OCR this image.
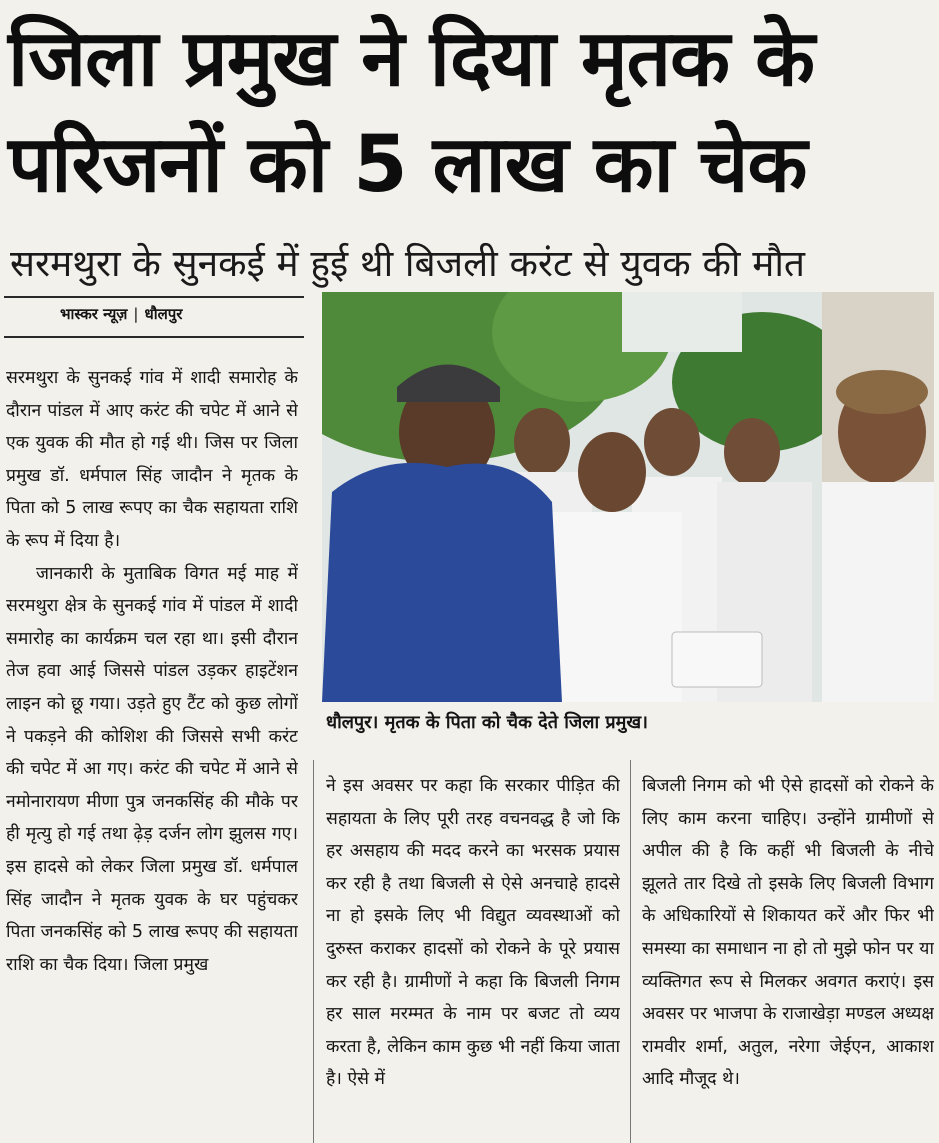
जिला प्रमुख ने दिया मृतक के परिजनों को 5 लाख का चेक
सरमथुरा के सुनकई में हुई थी बिजली करंट से युवक की मौत
भास्कर न्यूज़ | धौलपुर
धौलपुर। मृतक के पिता को चैक देते जिला प्रमुख।

सरमथुरा के सुनकई गांव में शादी समारोह के दौरान पांडल में आए करंट की चपेट में आने से एक युवक की मौत हो गई थी। जिस पर जिला प्रमुख डॉ. धर्मपाल सिंह जादौन ने मृतक के पिता को 5 लाख रूपए का चैक सहायता राशि के रूप में दिया है।

जानकारी के मुताबिक विगत मई माह में सरमथुरा क्षेत्र के सुनकई गांव में पांडल में शादी समारोह का कार्यक्रम चल रहा था। इसी दौरान तेज हवा आई जिससे पांडल उड़कर हाइटेंशन लाइन को छू गया। उड़ते हुए टैंट को कुछ लोगों ने पकड़ने की कोशिश की जिससे सभी करंट की चपेट में आ गए। करंट की चपेट में आने से नमोनारायण मीणा पुत्र जनकसिंह की मौके पर ही मृत्यु हो गई तथा ढ़ेड़ दर्जन लोग झुलस गए। इस हादसे को लेकर जिला प्रमुख डॉ. धर्मपाल सिंह जादौन ने मृतक युवक के घर पहुंचकर पिता जनकसिंह को 5 लाख रूपए की सहायता राशि का चैक दिया। जिला प्रमुख

ने इस अवसर पर कहा कि सरकार पीड़ित की सहायता के लिए पूरी तरह वचनवद्ध है जो कि हर असहाय की मदद करने का भरसक प्रयास कर रही है तथा बिजली से ऐसे अनचाहे हादसे ना हो इसके लिए भी विद्युत व्यवस्थाओं को दुरुस्त कराकर हादसों को रोकने के पूरे प्रयास कर रही है। ग्रामीणों ने कहा कि बिजली निगम हर साल मरम्मत के नाम पर बजट तो व्यय करता है, लेकिन काम कुछ भी नहीं किया जाता है। ऐसे में

बिजली निगम को भी ऐसे हादसों को रोकने के लिए काम करना चाहिए। उन्होंने ग्रामीणों से अपील की है कि कहीं भी बिजली के नीचे झूलते तार दिखे तो इसके लिए बिजली विभाग के अधिकारियों से शिकायत करें और फिर भी समस्या का समाधान ना हो तो मुझे फोन पर या व्यक्तिगत रूप से मिलकर अवगत कराएं। इस अवसर पर भाजपा के राजाखेड़ा मण्डल अध्यक्ष रामवीर शर्मा, अतुल, नरेगा जेईएन, आकाश आदि मौजूद थे।
